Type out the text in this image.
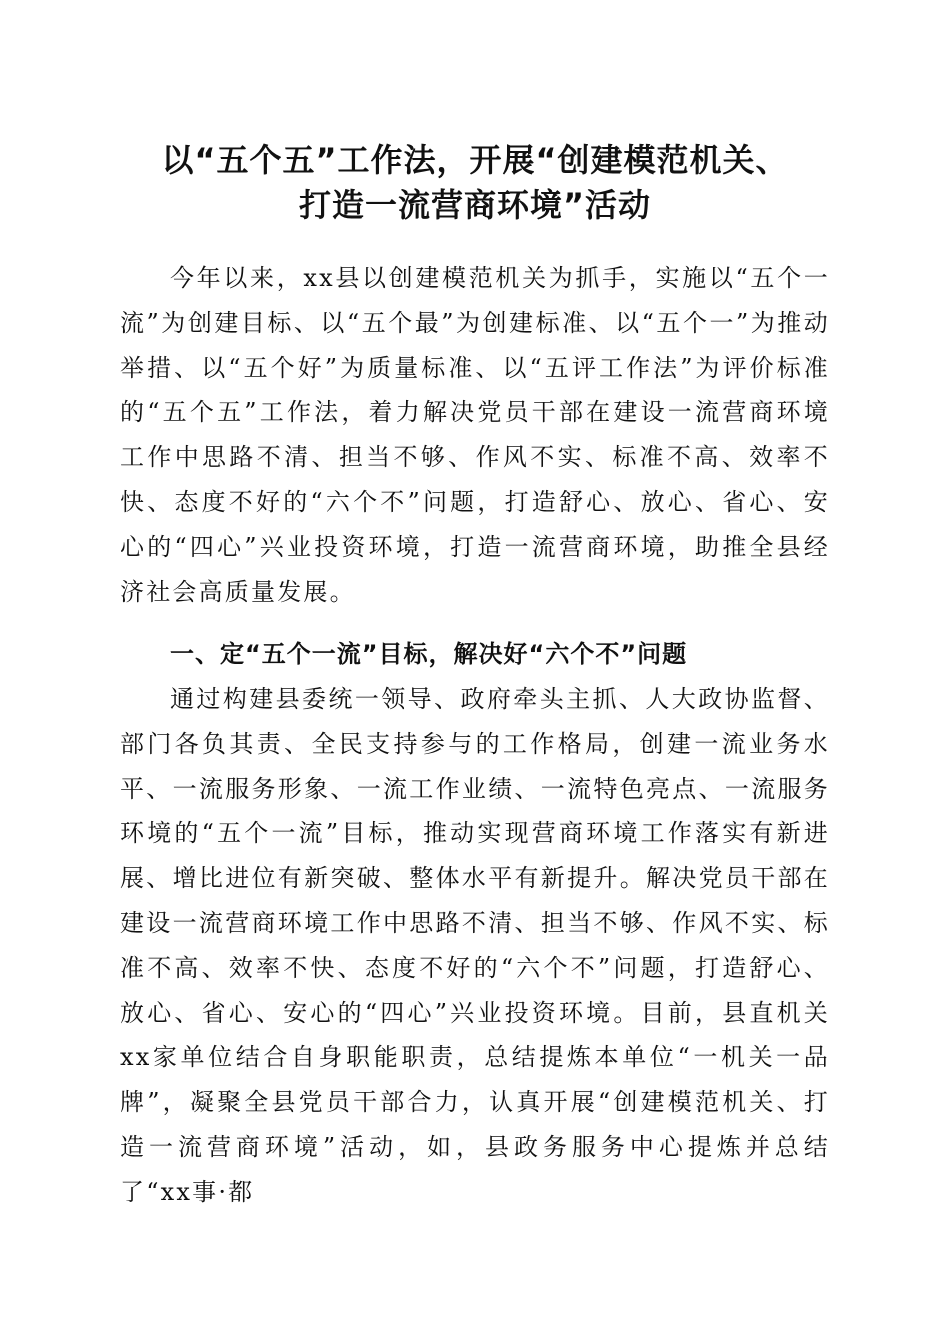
以“五个五”工作法，开展“创建模范机关、
打造一流营商环境”活动

今年以来，xx县以创建模范机关为抓手，实施以“五个一流”为创建目标、以“五个最”为创建标准、以“五个一”为推动举措、以“五个好”为质量标准、以“五评工作法”为评价标准的“五个五”工作法，着力解决党员干部在建设一流营商环境工作中思路不清、担当不够、作风不实、标准不高、效率不快、态度不好的“六个不”问题，打造舒心、放心、省心、安心的“四心”兴业投资环境，打造一流营商环境，助推全县经济社会高质量发展。

一、定“五个一流”目标，解决好“六个不”问题

通过构建县委统一领导、政府牵头主抓、人大政协监督、部门各负其责、全民支持参与的工作格局，创建一流业务水平、一流服务形象、一流工作业绩、一流特色亮点、一流服务环境的“五个一流”目标，推动实现营商环境工作落实有新进展、增比进位有新突破、整体水平有新提升。解决党员干部在建设一流营商环境工作中思路不清、担当不够、作风不实、标准不高、效率不快、态度不好的“六个不”问题，打造舒心、放心、省心、安心的“四心”兴业投资环境。目前，县直机关xx家单位结合自身职能职责，总结提炼本单位“一机关一品牌”，凝聚全县党员干部合力，认真开展“创建模范机关、打造一流营商环境”活动，如，县政务服务中心提炼并总结了“xx事·都
